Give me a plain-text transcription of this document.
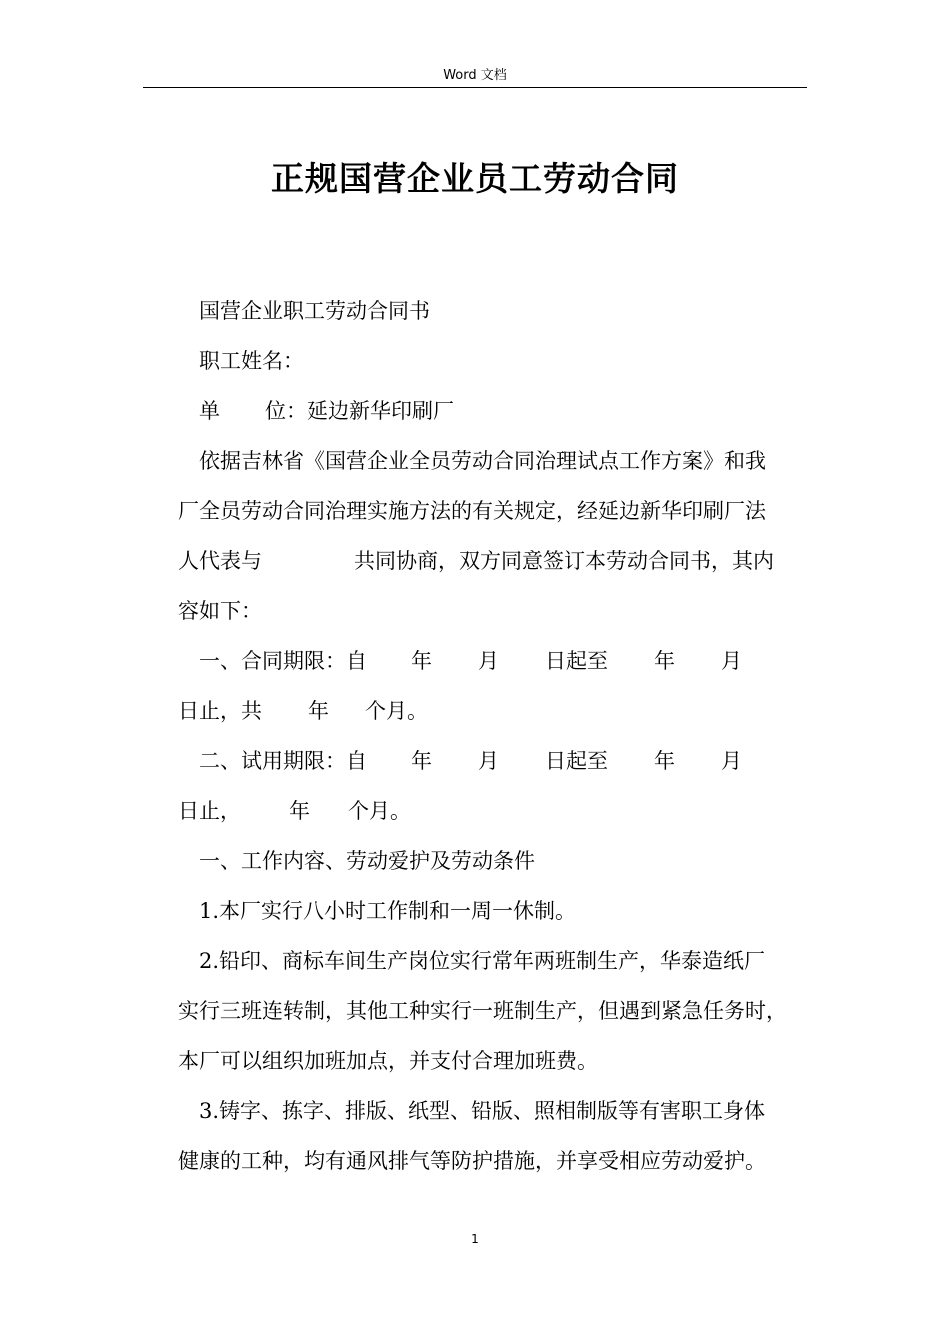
Word 文档
正规国营企业员工劳动合同

国营企业职工劳动合同书

职工姓名：

单 位：延边新华印刷厂

依据吉林省《国营企业全员劳动合同治理试点工作方案》和我

厂全员劳动合同治理实施方法的有关规定，经延边新华印刷厂法

人代表与	共同协商，双方同意签订本劳动合同书，其内

容如下：

一、合同期限：自 年 月 日起至 年 月

日止，共 年 个月。

二、试用期限：自 年 月 日起至 年 月

日止， 年 个月。

一、工作内容、劳动爱护及劳动条件

1.本厂实行八小时工作制和一周一休制。

2.铅印、商标车间生产岗位实行常年两班制生产，华泰造纸厂

实行三班连转制，其他工种实行一班制生产，但遇到紧急任务时，

本厂可以组织加班加点，并支付合理加班费。

3.铸字、拣字、排版、纸型、铅版、照相制版等有害职工身体

健康的工种，均有通风排气等防护措施，并享受相应劳动爱护。

1
